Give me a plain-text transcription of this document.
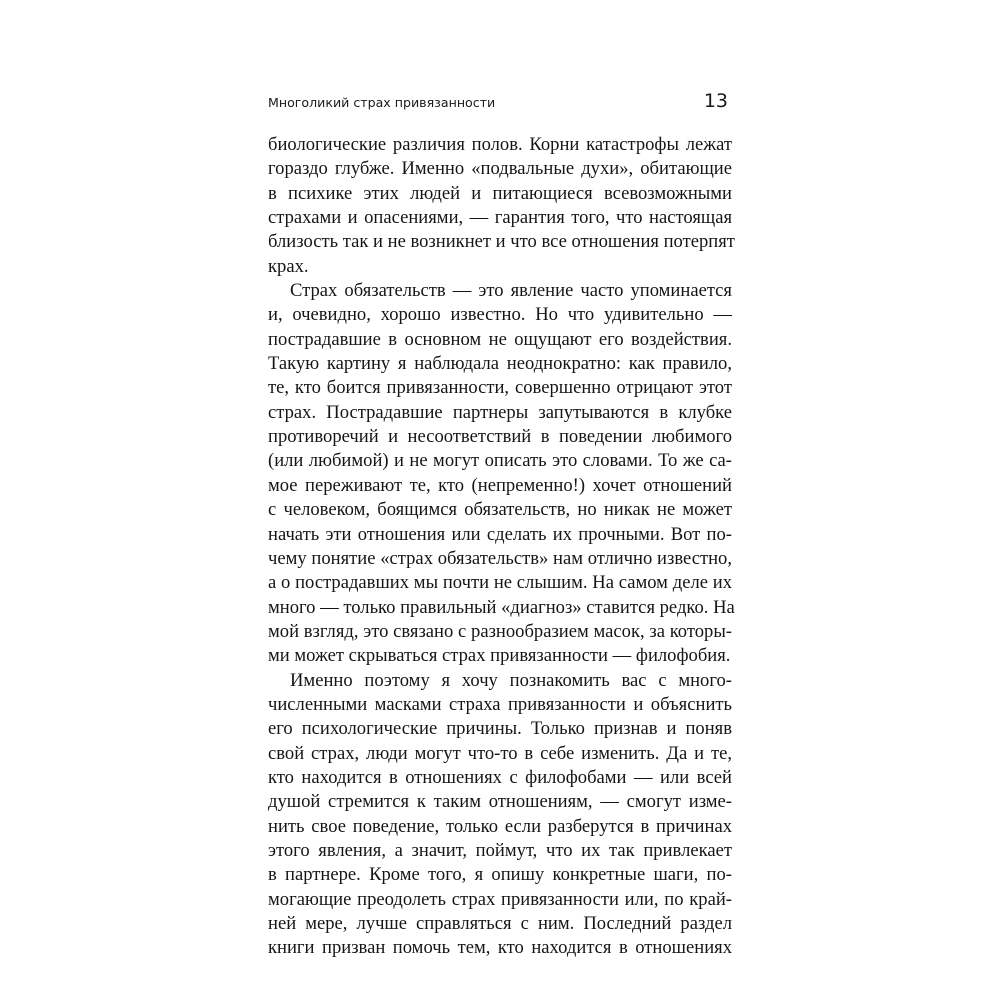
Многоликий страх привязанности	13
биологические различия полов. Корни катастрофы лежат
гораздо глубже. Именно «подвальные духи», обитающие
в психике этих людей и питающиеся всевозможными
страхами и опасениями, — гарантия того, что настоящая
близость так и не возникнет и что все отношения потерпят
крах.
Страх обязательств — это явление часто упоминается
и, очевидно, хорошо известно. Но что удивительно —
пострадавшие в основном не ощущают его воздействия.
Такую картину я наблюдала неоднократно: как правило,
те, кто боится привязанности, совершенно отрицают этот
страх. Пострадавшие партнеры запутываются в клубке
противоречий и несоответствий в поведении любимого
(или любимой) и не могут описать это словами. То же са-
мое переживают те, кто (непременно!) хочет отношений
с человеком, боящимся обязательств, но никак не может
начать эти отношения или сделать их прочными. Вот по-
чему понятие «страх обязательств» нам отлично известно,
а о пострадавших мы почти не слышим. На самом деле их
много — только правильный «диагноз» ставится редко. На
мой взгляд, это связано с разнообразием масок, за которы-
ми может скрываться страх привязанности — филофобия.
Именно поэтому я хочу познакомить вас с много-
численными масками страха привязанности и объяснить
его психологические причины. Только признав и поняв
свой страх, люди могут что-то в себе изменить. Да и те,
кто находится в отношениях с филофобами — или всей
душой стремится к таким отношениям, — смогут изме-
нить свое поведение, только если разберутся в причинах
этого явления, а значит, поймут, что их так привлекает
в партнере. Кроме того, я опишу конкретные шаги, по-
могающие преодолеть страх привязанности или, по край-
ней мере, лучше справляться с ним. Последний раздел
книги призван помочь тем, кто находится в отношениях
